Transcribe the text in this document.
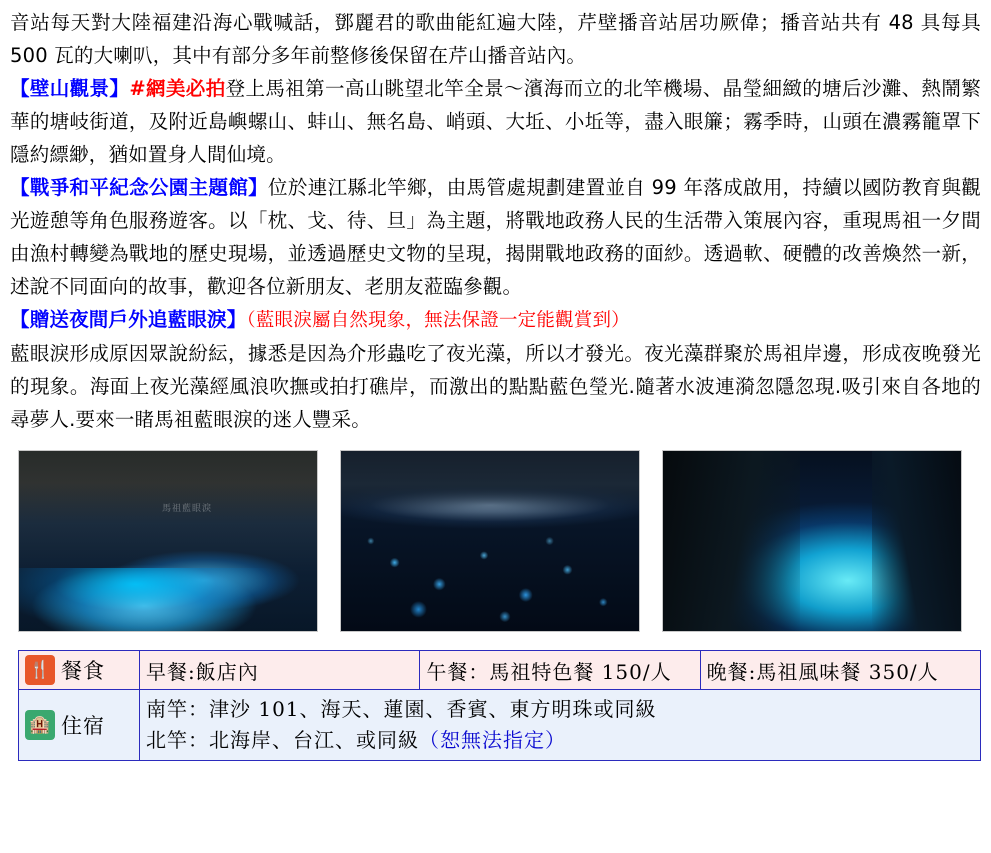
音站每天對大陸福建沿海心戰喊話，鄧麗君的歌曲能紅遍大陸，芹壁播音站居功厥偉；播音站共有 48 具每具 500 瓦的大喇叭，其中有部分多年前整修後保留在芹山播音站內。

【壁山觀景】#網美必拍登上馬祖第一高山眺望北竿全景～濱海而立的北竿機場、晶瑩細緻的塘后沙灘、熱鬧繁華的塘岐街道，及附近島嶼螺山、蚌山、無名島、峭頭、大坵、小坵等，盡入眼簾；霧季時，山頭在濃霧籠罩下隱約縹緲，猶如置身人間仙境。

【戰爭和平紀念公園主題館】位於連江縣北竿鄉，由馬管處規劃建置並自 99 年落成啟用，持續以國防教育與觀光遊憩等角色服務遊客。以「枕、戈、待、旦」為主題，將戰地政務人民的生活帶入策展內容，重現馬祖一夕間由漁村轉變為戰地的歷史現場，並透過歷史文物的呈現，揭開戰地政務的面紗。透過軟、硬體的改善煥然一新，述說不同面向的故事，歡迎各位新朋友、老朋友蒞臨參觀。

【贈送夜間戶外追藍眼淚】（藍眼淚屬自然現象，無法保證一定能觀賞到）

藍眼淚形成原因眾說紛紜，據悉是因為介形蟲吃了夜光藻，所以才發光。夜光藻群聚於馬祖岸邊，形成夜晚發光的現象。海面上夜光藻經風浪吹撫或拍打礁岸，而激出的點點藍色瑩光.隨著水波連漪忽隱忽現.吸引來自各地的尋夢人.要來一睹馬祖藍眼淚的迷人豐采。

馬祖藍眼淚
🍴 餐食	早餐:飯店內	午餐：馬祖特色餐 150/人	晚餐:馬祖風味餐 350/人

🏨 住宿	南竿：津沙 101、海天、蓮園、香賓、東方明珠或同級
北竿：北海岸、台江、或同級（恕無法指定）		
